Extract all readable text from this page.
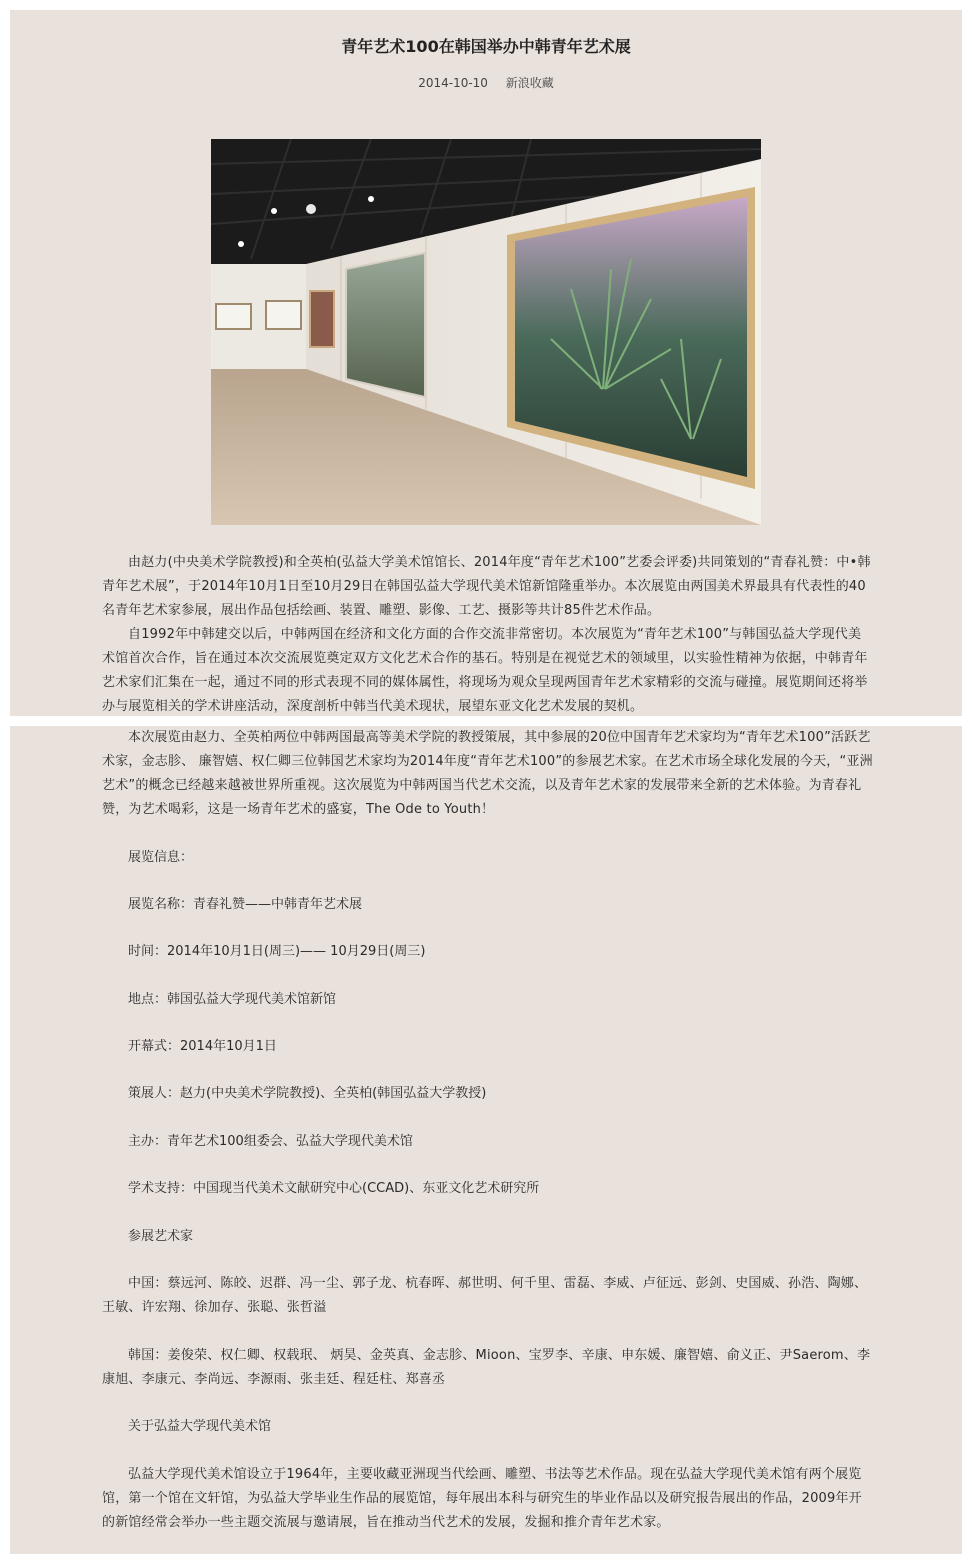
青年艺术100在韩国举办中韩青年艺术展
2014-10-10 新浪收藏

由赵力(中央美术学院教授)和全英柏(弘益大学美术馆馆长、2014年度“青年艺术100”艺委会评委)共同策划的“青春礼赞：中•韩青年艺术展”，于2014年10月1日至10月29日在韩国弘益大学现代美术馆新馆隆重举办。本次展览由两国美术界最具有代表性的40名青年艺术家参展，展出作品包括绘画、装置、雕塑、影像、工艺、摄影等共计85件艺术作品。

自1992年中韩建交以后，中韩两国在经济和文化方面的合作交流非常密切。本次展览为“青年艺术100”与韩国弘益大学现代美术馆首次合作，旨在通过本次交流展览奠定双方文化艺术合作的基石。特别是在视觉艺术的领域里，以实验性精神为依据，中韩青年艺术家们汇集在一起，通过不同的形式表现不同的媒体属性，将现场为观众呈现两国青年艺术家精彩的交流与碰撞。展览期间还将举办与展览相关的学术讲座活动，深度剖析中韩当代美术现状，展望东亚文化艺术发展的契机。

本次展览由赵力、全英柏两位中韩两国最高等美术学院的教授策展，其中参展的20位中国青年艺术家均为“青年艺术100”活跃艺术家，金志胗、 廉智嬉、权仁卿三位韩国艺术家均为2014年度“青年艺术100”的参展艺术家。在艺术市场全球化发展的今天，“亚洲艺术”的概念已经越来越被世界所重视。这次展览为中韩两国当代艺术交流，以及青年艺术家的发展带来全新的艺术体验。为青春礼赞，为艺术喝彩，这是一场青年艺术的盛宴，The Ode to Youth！

展览信息：

展览名称：青春礼赞——中韩青年艺术展

时间：2014年10月1日(周三)—— 10月29日(周三)

地点：韩国弘益大学现代美术馆新馆

开幕式：2014年10月1日

策展人：赵力(中央美术学院教授)、全英柏(韩国弘益大学教授)

主办：青年艺术100组委会、弘益大学现代美术馆

学术支持：中国现当代美术文献研究中心(CCAD)、东亚文化艺术研究所

参展艺术家

中国：蔡远河、陈皎、迟群、冯一尘、郭子龙、杭春晖、郝世明、何千里、雷磊、李威、卢征远、彭剑、史国威、孙浩、陶娜、王敏、许宏翔、徐加存、张聪、张哲溢

韩国：姜俊荣、权仁卿、权载珉、 炳昊、金英真、金志胗、Mioon、宝罗李、辛康、申东媛、廉智嬉、俞义正、尹Saerom、李康旭、李康元、李尚远、李源雨、张圭廷、程廷柱、郑喜丞

关于弘益大学现代美术馆

弘益大学现代美术馆设立于1964年，主要收藏亚洲现当代绘画、雕塑、书法等艺术作品。现在弘益大学现代美术馆有两个展览馆，第一个馆在文轩馆，为弘益大学毕业生作品的展览馆，每年展出本科与研究生的毕业作品以及研究报告展出的作品，2009年开的新馆经常会举办一些主题交流展与邀请展，旨在推动当代艺术的发展，发掘和推介青年艺术家。
